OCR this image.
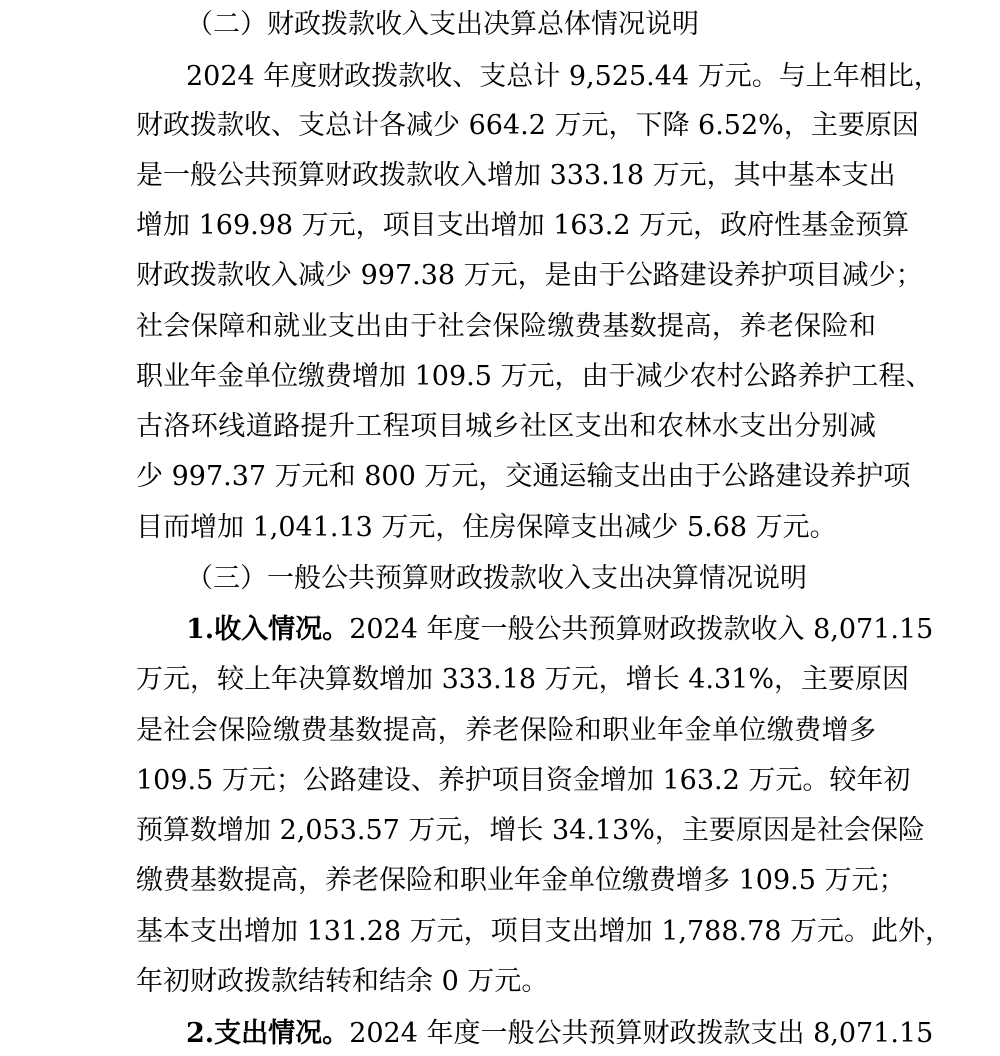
（二）财政拨款收入支出决算总体情况说明
2024 年度财政拨款收、支总计 9,525.44 万元。与上年相比，
财政拨款收、支总计各减少 664.2 万元，下降 6.52%，主要原因
是一般公共预算财政拨款收入增加 333.18 万元，其中基本支出
增加 169.98 万元，项目支出增加 163.2 万元，政府性基金预算
财政拨款收入减少 997.38 万元，是由于公路建设养护项目减少；
社会保障和就业支出由于社会保险缴费基数提高，养老保险和
职业年金单位缴费增加 109.5 万元，由于减少农村公路养护工程、
古洛环线道路提升工程项目城乡社区支出和农林水支出分别减
少 997.37 万元和 800 万元，交通运输支出由于公路建设养护项
目而增加 1,041.13 万元，住房保障支出减少 5.68 万元。
（三）一般公共预算财政拨款收入支出决算情况说明
1.收入情况。2024 年度一般公共预算财政拨款收入 8,071.15
万元，较上年决算数增加 333.18 万元，增长 4.31%，主要原因
是社会保险缴费基数提高，养老保险和职业年金单位缴费增多
109.5 万元；公路建设、养护项目资金增加 163.2 万元。较年初
预算数增加 2,053.57 万元，增长 34.13%，主要原因是社会保险
缴费基数提高，养老保险和职业年金单位缴费增多 109.5 万元；
基本支出增加 131.28 万元，项目支出增加 1,788.78 万元。此外，
年初财政拨款结转和结余 0 万元。
2.支出情况。2024 年度一般公共预算财政拨款支出 8,071.15
